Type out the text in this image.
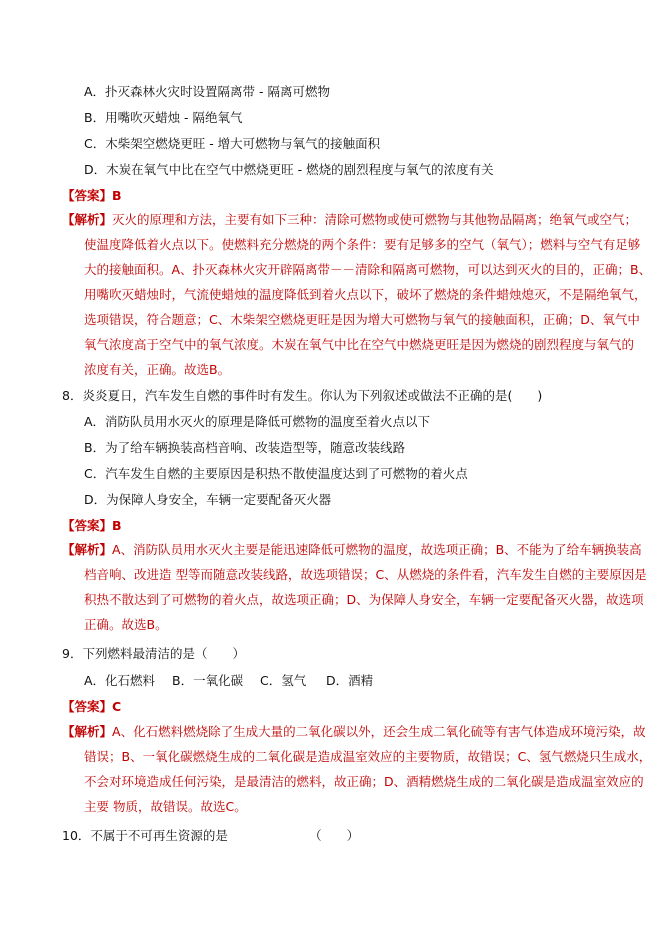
A．扑灭森林火灾时设置隔离带 - 隔离可燃物
B．用嘴吹灭蜡烛 - 隔绝氧气
C．木柴架空燃烧更旺 - 增大可燃物与氧气的接触面积
D．木炭在氧气中比在空气中燃烧更旺 - 燃烧的剧烈程度与氧气的浓度有关
【答案】B
【解析】灭火的原理和方法，主要有如下三种：清除可燃物或使可燃物与其他物品隔离；绝氧气或空气；
使温度降低着火点以下。使燃料充分燃烧的两个条件：要有足够多的空气（氧气）；燃料与空气有足够
大的接触面积。A、扑灭森林火灾开辟隔离带－－清除和隔离可燃物，可以达到灭火的目的，正确；B、
用嘴吹灭蜡烛时，气流使蜡烛的温度降低到着火点以下，破坏了燃烧的条件蜡烛熄灭，不是隔绝氧气，
选项错误，符合题意；C、木柴架空燃烧更旺是因为增大可燃物与氧气的接触面积，正确；D、氧气中
氧气浓度高于空气中的氧气浓度。木炭在氧气中比在空气中燃烧更旺是因为燃烧的剧烈程度与氧气的
浓度有关，正确。故选B。
8．炎炎夏日，汽车发生自燃的事件时有发生。你认为下列叙述或做法不正确的是(　　)
A．消防队员用水灭火的原理是降低可燃物的温度至着火点以下
B．为了给车辆换装高档音响、改装造型等，随意改装线路
C．汽车发生自燃的主要原因是积热不散使温度达到了可燃物的着火点
D．为保障人身安全，车辆一定要配备灭火器
【答案】B
【解析】A、消防队员用水灭火主要是能迅速降低可燃物的温度，故选项正确；B、不能为了给车辆换装高
档音响、改进造 型等而随意改装线路，故选项错误；C、从燃烧的条件看，汽车发生自燃的主要原因是
积热不散达到了可燃物的着火点，故选项正确；D、为保障人身安全，车辆一定要配备灭火器，故选项
正确。故选B。
9．下列燃料最清洁的是（　　）
A．化石燃料 B．一氧化碳 C．氢气 D．酒精
【答案】C
【解析】A、化石燃料燃烧除了生成大量的二氧化碳以外，还会生成二氧化硫等有害气体造成环境污染，故
错误；B、一氧化碳燃烧生成的二氧化碳是造成温室效应的主要物质，故错误；C、氢气燃烧只生成水，
不会对环境造成任何污染，是最清洁的燃料，故正确；D、酒精燃烧生成的二氧化碳是造成温室效应的
主要 物质，故错误。故选C。
10．不属于不可再生资源的是　　　　　　　（　　）
